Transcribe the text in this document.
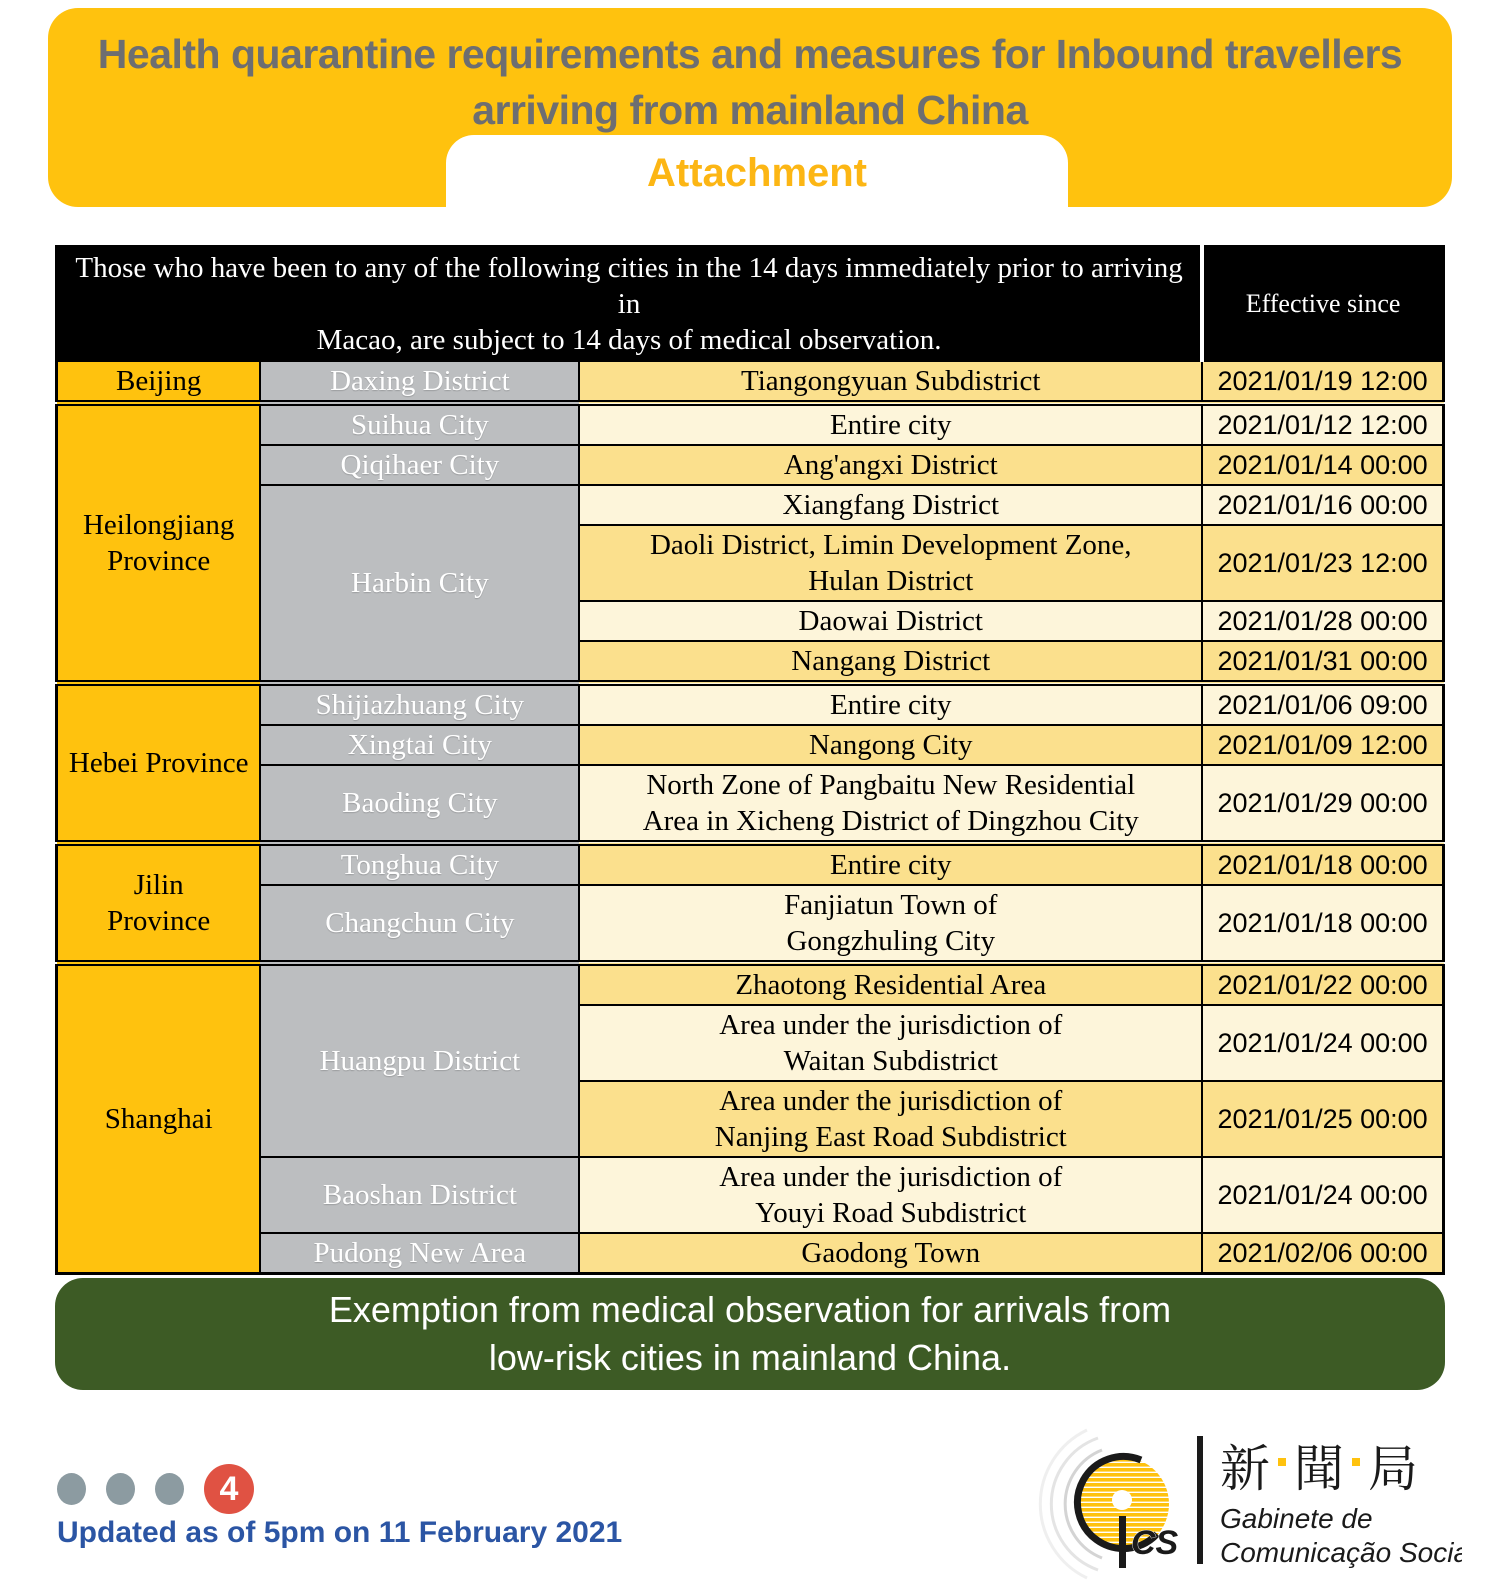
Health quarantine requirements and measures for Inbound travellers
arriving from mainland China
Attachment
Those who have been to any of the following cities in the 14 days immediately prior to arriving in
Macao, are subject to 14 days of medical observation.			Effective since

Beijing	Daxing District	Tiangongyuan Subdistrict	2021/01/19 12:00

Heilongjiang
Province	Suihua City	Entire city	2021/01/12 12:00

	Qiqihaer City	Ang'angxi District	2021/01/14 00:00

	Harbin City	Xiangfang District	2021/01/16 00:00

		Daoli District, Limin Development Zone,
Hulan District	2021/01/23 12:00

		Daowai District	2021/01/28 00:00

		Nangang District	2021/01/31 00:00

Hebei Province	Shijiazhuang City	Entire city	2021/01/06 09:00

	Xingtai City	Nangong City	2021/01/09 12:00

	Baoding City	North Zone of Pangbaitu New Residential
Area in Xicheng District of Dingzhou City	2021/01/29 00:00

Jilin
Province	Tonghua City	Entire city	2021/01/18 00:00

	Changchun City	Fanjiatun Town of
Gongzhuling City	2021/01/18 00:00

Shanghai	Huangpu District	Zhaotong Residential Area	2021/01/22 00:00

		Area under the jurisdiction of
Waitan Subdistrict	2021/01/24 00:00

		Area under the jurisdiction of
Nanjing East Road Subdistrict	2021/01/25 00:00

	Baoshan District	Area under the jurisdiction of
Youyi Road Subdistrict	2021/01/24 00:00

	Pudong New Area	Gaodong Town	2021/02/06 00:00
Exemption from medical observation for arrivals from
low-risk cities in mainland China.
4
Updated as of 5pm on 11 February 2021	CS
新 聞 局
Gabinete de
Comunicação Social
